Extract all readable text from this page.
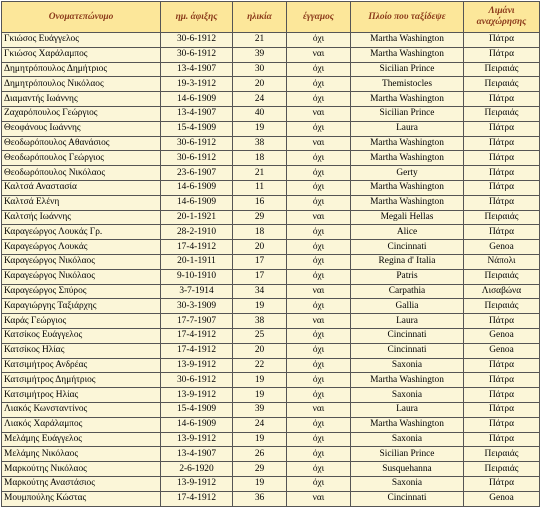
Ονοματεπώνυμο	ημ. άφιξης	ηλικία	έγγαμος	Πλοίο που ταξίδεψε	Λιμάνι αναχώρησης
Γκιώσος Ευάγγελος	30-6-1912	21	όχι	Martha Washington	Πάτρα
Γκιώσος Χαράλαμπος	30-6-1912	39	ναι	Martha Washington	Πάτρα
Δημητρόπουλος Δημήτριος	13-4-1907	30	όχι	Sicilian Prince	Πειραιάς
Δημητρόπουλος Νικόλαος	19-3-1912	20	όχι	Themistocles	Πειραιάς
Διαμαντής Ιωάννης	14-6-1909	24	όχι	Martha Washington	Πάτρα
Ζαχαρόπουλος Γεώργιος	13-4-1907	40	ναι	Sicilian Prince	Πειραιάς
Θεοφάνους Ιωάννης	15-4-1909	19	όχι	Laura	Πάτρα
Θεοδωρόπουλος Αθανάσιος	30-6-1912	38	ναι	Martha Washington	Πάτρα
Θεοδωρόπουλος Γεώργιος	30-6-1912	18	όχι	Martha Washington	Πάτρα
Θεοδωρόπουλος Νικόλαος	23-6-1907	21	όχι	Gerty	Πάτρα
Καλτσά Αναστασία	14-6-1909	11	όχι	Martha Washington	Πάτρα
Καλτσά Ελένη	14-6-1909	16	όχι	Martha Washington	Πάτρα
Καλτσής Ιωάννης	20-1-1921	29	ναι	Megali Hellas	Πειραιάς
Καραγεώργος Λουκάς Γρ.	28-2-1910	18	όχι	Alice	Πάτρα
Καραγεώργος Λουκάς	17-4-1912	20	όχι	Cincinnati	Genoa
Καραγεώργος Νικόλαος	20-1-1911	17	όχι	Regina d' Italia	Νάπολι
Καραγεώργος Νικόλαος	9-10-1910	17	όχι	Patris	Πειραιάς
Καραγεώργος Σπύρος	3-7-1914	34	ναι	Carpathia	Λισαβώνα
Καραγιώργης Ταξιάρχης	30-3-1909	19	όχι	Gallia	Πειραιάς
Καράς Γεώργιος	17-7-1907	38	ναι	Laura	Πάτρα
Κατσίκος Ευάγγελος	17-4-1912	25	όχι	Cincinnati	Genoa
Κατσίκος Ηλίας	17-4-1912	20	όχι	Cincinnati	Genoa
Κατσιμήτρος Ανδρέας	13-9-1912	22	όχι	Saxonia	Πάτρα
Κατσιμήτρος Δημήτριος	30-6-1912	19	όχι	Martha Washington	Πάτρα
Κατσιμήτρος Ηλίας	13-9-1912	19	όχι	Saxonia	Πάτρα
Λιακός Κωνσταντίνος	15-4-1909	39	ναι	Laura	Πάτρα
Λιακός Χαράλαμπος	14-6-1909	24	όχι	Martha Washington	Πάτρα
Μελάμης Ευάγγελος	13-9-1912	19	όχι	Saxonia	Πάτρα
Μελάμης Νικόλαος	13-4-1907	26	όχι	Sicilian Prince	Πειραιάς
Μαρκούτης Νικόλαος	2-6-1920	29	όχι	Susquehanna	Πειραιάς
Μαρκούτης Αναστάσιος	13-9-1912	19	όχι	Saxonia	Πάτρα
Μουμπούλης Κώστας	17-4-1912	36	ναι	Cincinnati	Genoa
